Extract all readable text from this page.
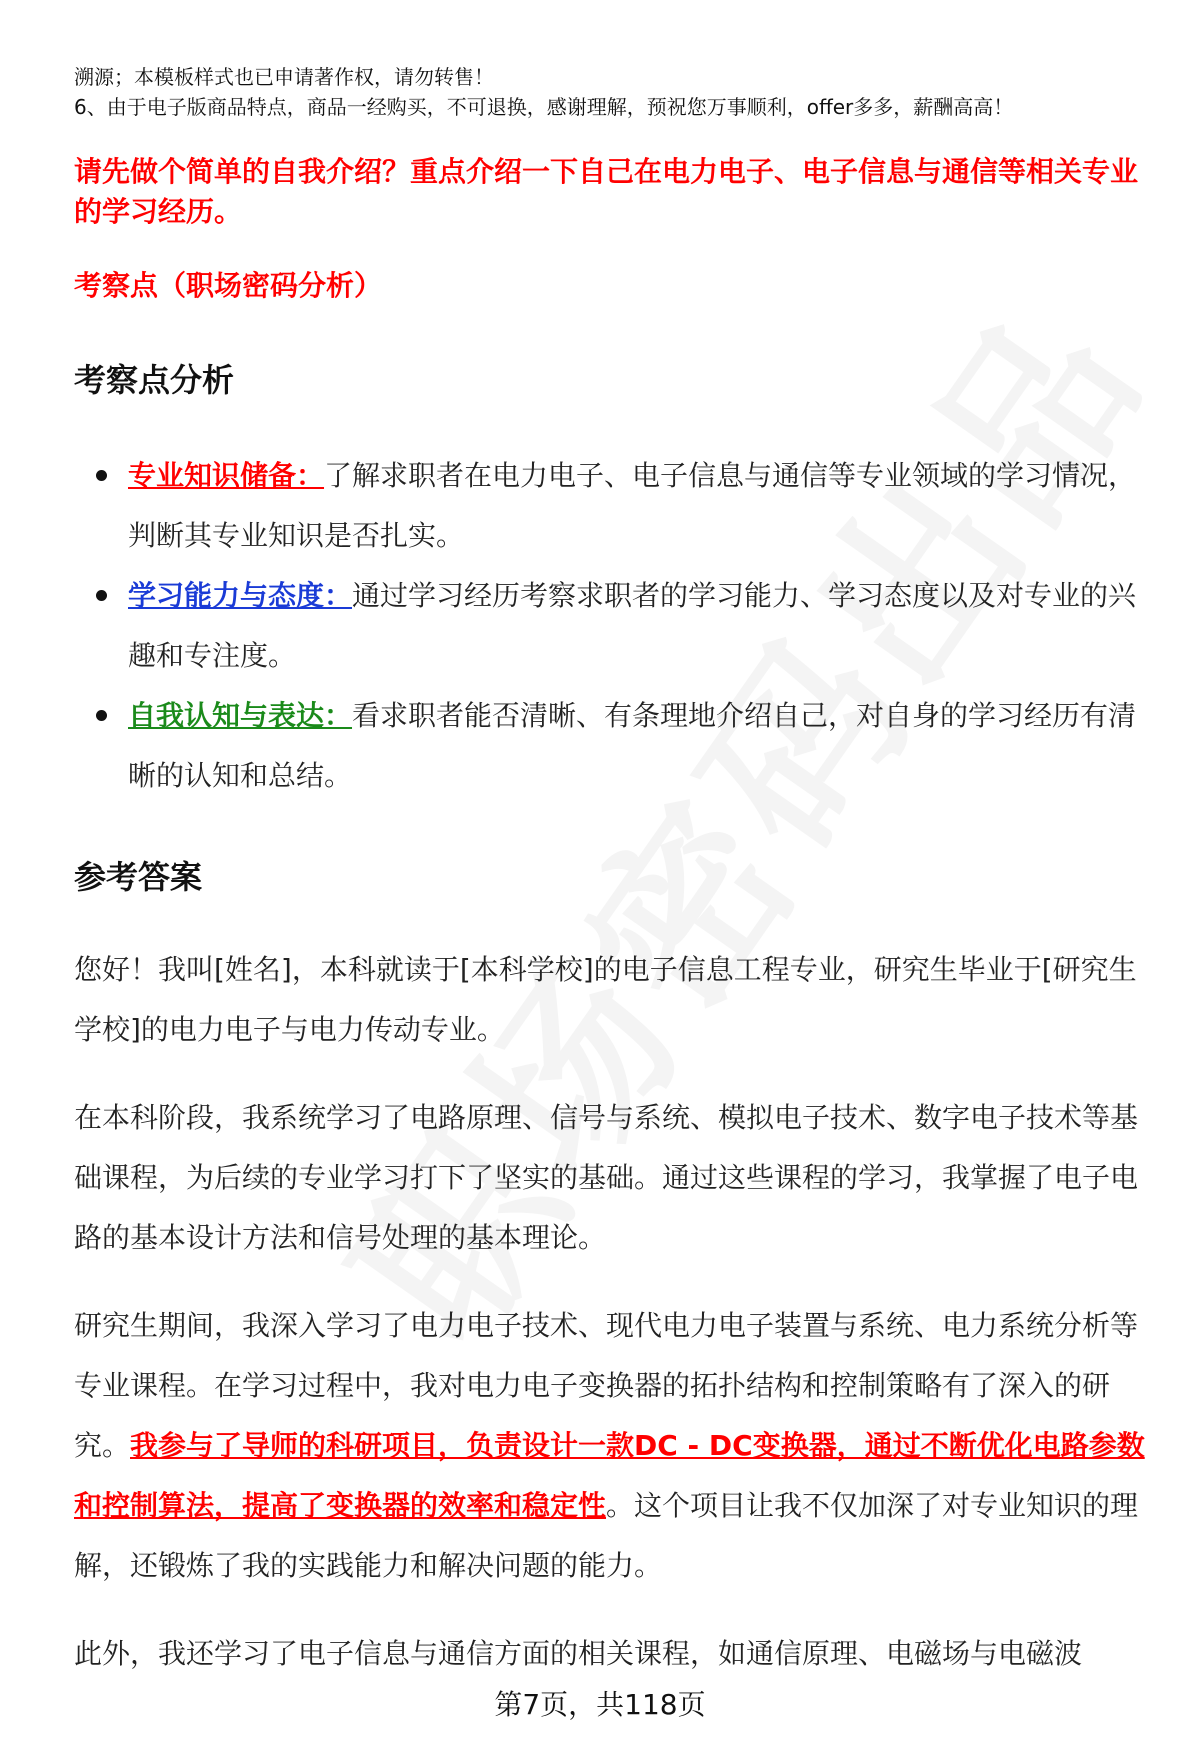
溯源；本模板样式也已申请著作权，请勿转售！
6、由于电子版商品特点，商品一经购买，不可退换，感谢理解，预祝您万事顺利，offer多多，薪酬高高！
请先做个简单的自我介绍？重点介绍一下自己在电力电子、电子信息与通信等相关专业的学习经历。
考察点（职场密码分析）
考察点分析
专业知识储备：了解求职者在电力电子、电子信息与通信等专业领域的学习情况，判断其专业知识是否扎实。
学习能力与态度：通过学习经历考察求职者的学习能力、学习态度以及对专业的兴趣和专注度。
自我认知与表达：看求职者能否清晰、有条理地介绍自己，对自身的学习经历有清晰的认知和总结。
参考答案

您好！我叫[姓名]，本科就读于[本科学校]的电子信息工程专业，研究生毕业于[研究生学校]的电力电子与电力传动专业。

在本科阶段，我系统学习了电路原理、信号与系统、模拟电子技术、数字电子技术等基础课程，为后续的专业学习打下了坚实的基础。通过这些课程的学习，我掌握了电子电路的基本设计方法和信号处理的基本理论。

研究生期间，我深入学习了电力电子技术、现代电力电子装置与系统、电力系统分析等专业课程。在学习过程中，我对电力电子变换器的拓扑结构和控制策略有了深入的研究。我参与了导师的科研项目，负责设计一款DC - DC变换器，通过不断优化电路参数和控制算法，提高了变换器的效率和稳定性。这个项目让我不仅加深了对专业知识的理解，还锻炼了我的实践能力和解决问题的能力。

此外，我还学习了电子信息与通信方面的相关课程，如通信原理、电磁场与电磁波

第7页，共118页
